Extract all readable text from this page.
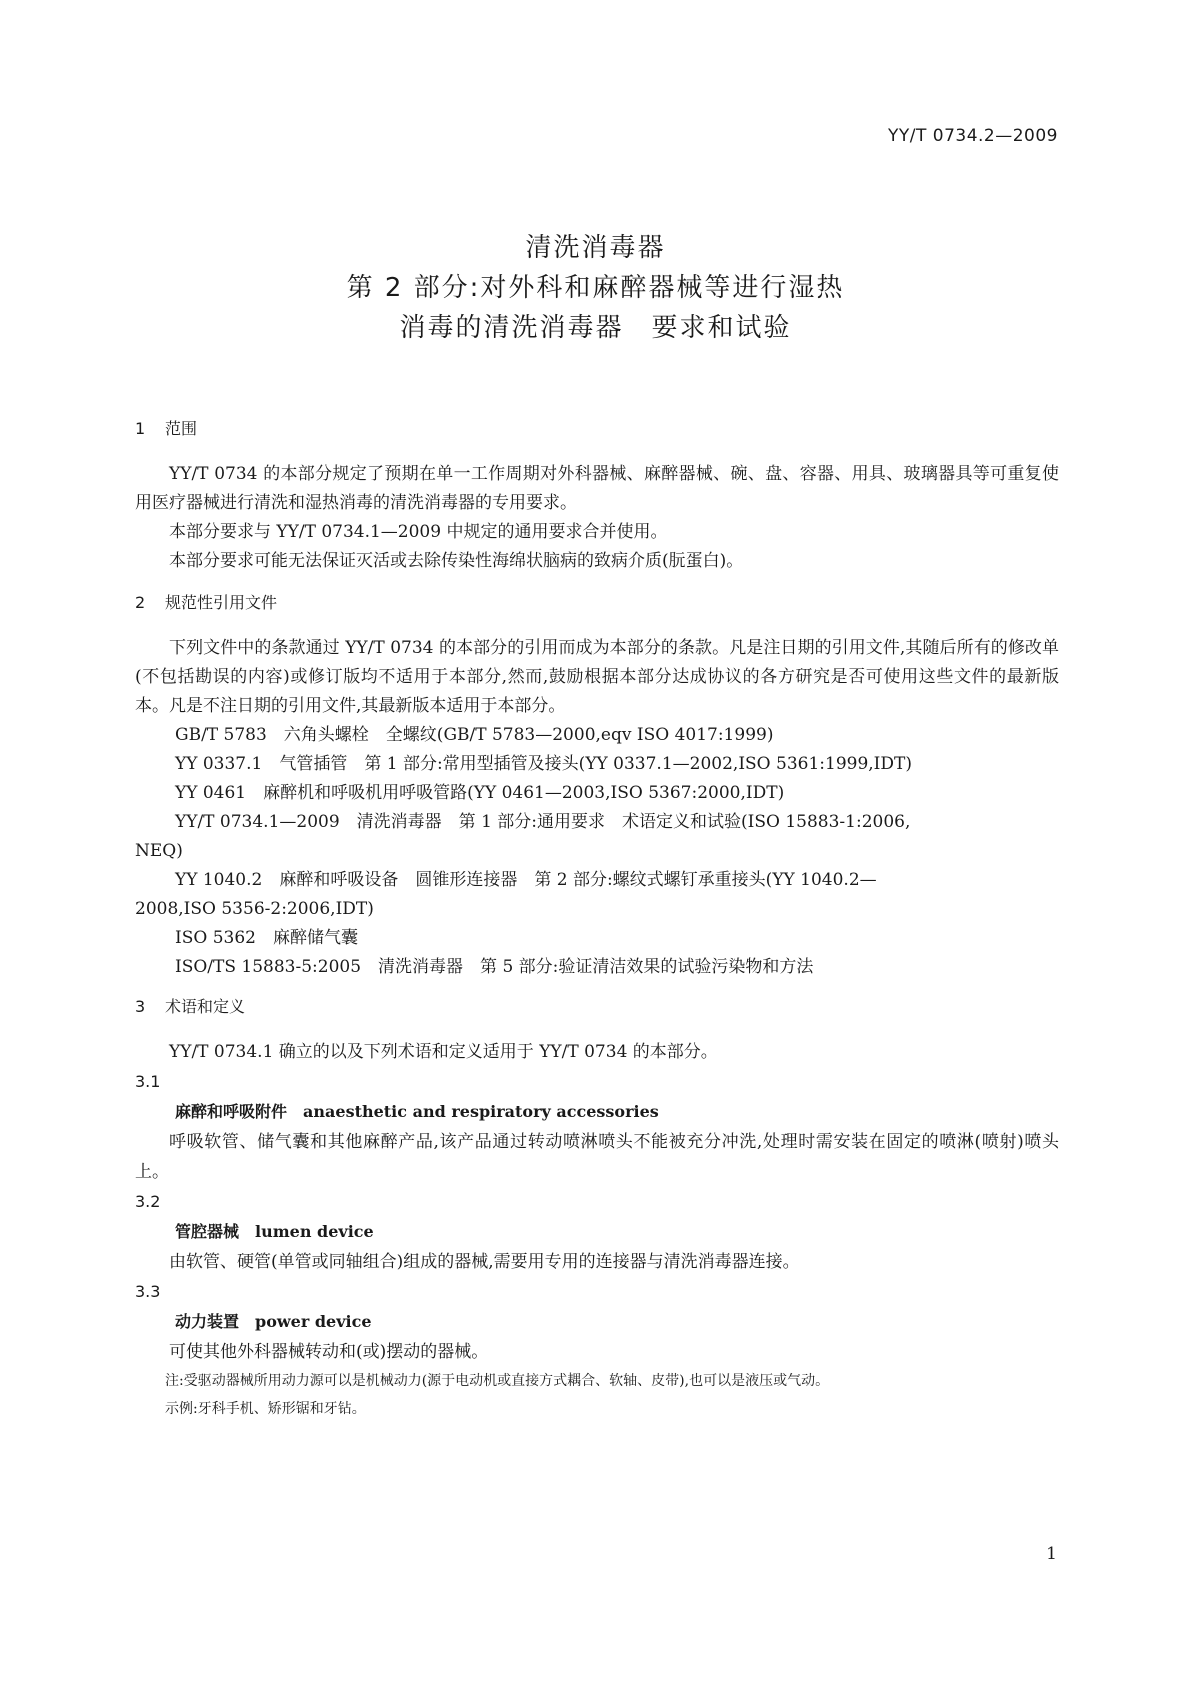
YY/T 0734.2—2009
清洗消毒器
第 2 部分:对外科和麻醉器械等进行湿热
消毒的清洗消毒器　要求和试验
1 范围

YY/T 0734 的本部分规定了预期在单一工作周期对外科器械、麻醉器械、碗、盘、容器、用具、玻璃器具等可重复使用医疗器械进行清洗和湿热消毒的清洗消毒器的专用要求。

本部分要求与 YY/T 0734.1—2009 中规定的通用要求合并使用。

本部分要求可能无法保证灭活或去除传染性海绵状脑病的致病介质(朊蛋白)。

2 规范性引用文件

下列文件中的条款通过 YY/T 0734 的本部分的引用而成为本部分的条款。凡是注日期的引用文件,其随后所有的修改单(不包括勘误的内容)或修订版均不适用于本部分,然而,鼓励根据本部分达成协议的各方研究是否可使用这些文件的最新版本。凡是不注日期的引用文件,其最新版本适用于本部分。

GB/T 5783　六角头螺栓　全螺纹(GB/T 5783—2000,eqv ISO 4017:1999)

YY 0337.1　气管插管　第 1 部分:常用型插管及接头(YY 0337.1—2002,ISO 5361:1999,IDT)

YY 0461　麻醉机和呼吸机用呼吸管路(YY 0461—2003,ISO 5367:2000,IDT)

YY/T 0734.1—2009　清洗消毒器　第 1 部分:通用要求　术语定义和试验(ISO 15883-1:2006,
NEQ)

YY 1040.2　麻醉和呼吸设备　圆锥形连接器　第 2 部分:螺纹式螺钉承重接头(YY 1040.2—
2008,ISO 5356-2:2006,IDT)

ISO 5362　麻醉储气囊

ISO/TS 15883-5:2005　清洗消毒器　第 5 部分:验证清洁效果的试验污染物和方法

3 术语和定义

YY/T 0734.1 确立的以及下列术语和定义适用于 YY/T 0734 的本部分。

3.1

麻醉和呼吸附件　 anaesthetic and respiratory accessories

呼吸软管、储气囊和其他麻醉产品,该产品通过转动喷淋喷头不能被充分冲洗,处理时需安装在固定的喷淋(喷射)喷头上。

3.2

管腔器械　 lumen device

由软管、硬管(单管或同轴组合)组成的器械,需要用专用的连接器与清洗消毒器连接。

3.3

动力装置　 power device

可使其他外科器械转动和(或)摆动的器械。

注:受驱动器械所用动力源可以是机械动力(源于电动机或直接方式耦合、软轴、皮带),也可以是液压或气动。

示例:牙科手机、矫形锯和牙钻。

1
